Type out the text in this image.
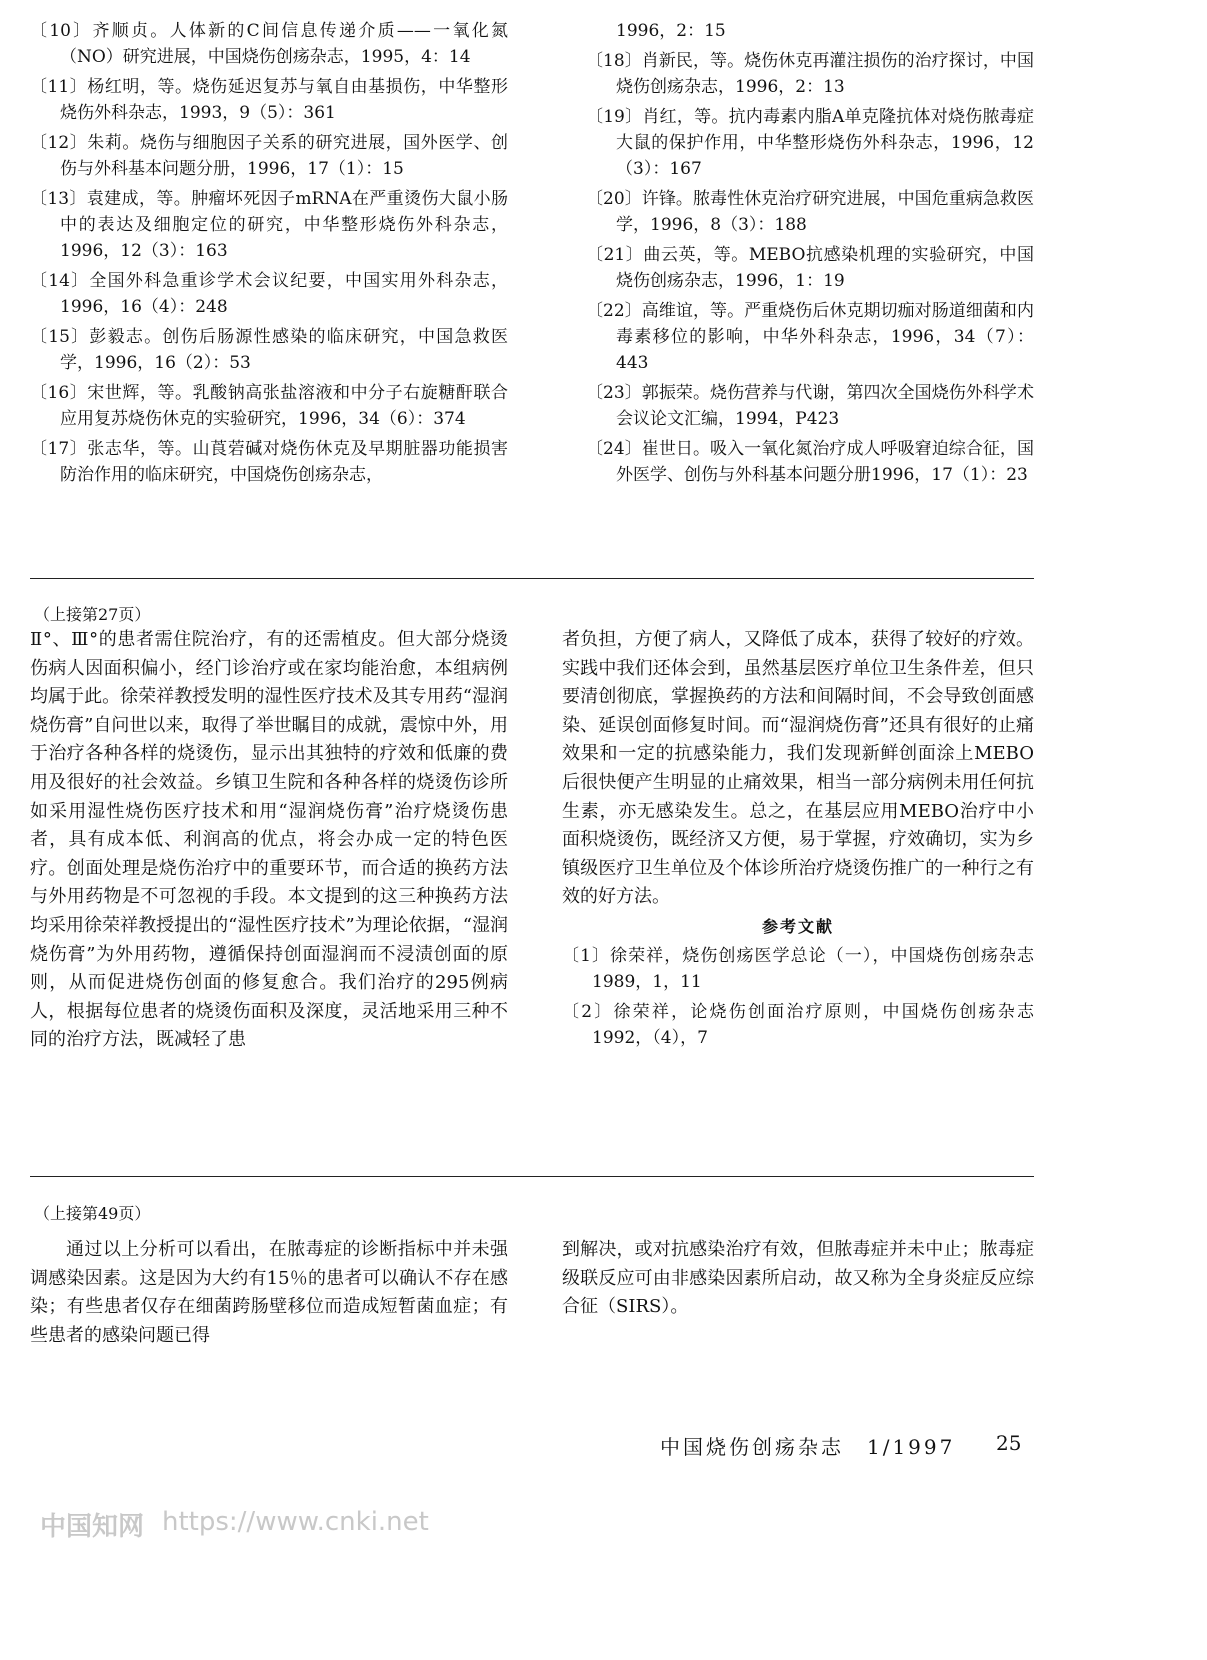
〔10〕齐顺贞。人体新的C间信息传递介质——一氧化氮（NO）研究进展，中国烧伤创疡杂志，1995，4：14

〔11〕杨红明，等。烧伤延迟复苏与氧自由基损伤，中华整形烧伤外科杂志，1993，9（5）：361

〔12〕朱莉。烧伤与细胞因子关系的研究进展，国外医学、创伤与外科基本问题分册，1996，17（1）：15

〔13〕袁建成，等。肿瘤坏死因子mRNA在严重烫伤大鼠小肠中的表达及细胞定位的研究，中华整形烧伤外科杂志，1996，12（3）：163

〔14〕全国外科急重诊学术会议纪要，中国实用外科杂志，1996，16（4）：248

〔15〕彭毅志。创伤后肠源性感染的临床研究，中国急救医学，1996，16（2）：53

〔16〕宋世辉，等。乳酸钠高张盐溶液和中分子右旋糖酐联合应用复苏烧伤休克的实验研究，1996，34（6）：374

〔17〕张志华，等。山莨菪碱对烧伤休克及早期脏器功能损害防治作用的临床研究，中国烧伤创疡杂志，

1996，2：15

〔18〕肖新民，等。烧伤休克再灌注损伤的治疗探讨，中国烧伤创疡杂志，1996，2：13

〔19〕肖红，等。抗内毒素内脂A单克隆抗体对烧伤脓毒症大鼠的保护作用，中华整形烧伤外科杂志，1996，12（3）：167

〔20〕许锋。脓毒性休克治疗研究进展，中国危重病急救医学，1996，8（3）：188

〔21〕曲云英，等。MEBO抗感染机理的实验研究，中国烧伤创疡杂志，1996，1：19

〔22〕高维谊，等。严重烧伤后休克期切痂对肠道细菌和内毒素移位的影响，中华外科杂志，1996，34（7）：443

〔23〕郭振荣。烧伤营养与代谢，第四次全国烧伤外科学术会议论文汇编，1994，P423

〔24〕崔世日。吸入一氧化氮治疗成人呼吸窘迫综合征，国外医学、创伤与外科基本问题分册1996，17（1）：23

（上接第27页）

Ⅱ°、Ⅲ°的患者需住院治疗，有的还需植皮。但大部分烧烫伤病人因面积偏小，经门诊治疗或在家均能治愈，本组病例均属于此。徐荣祥教授发明的湿性医疗技术及其专用药“湿润烧伤膏”自问世以来，取得了举世瞩目的成就，震惊中外，用于治疗各种各样的烧烫伤，显示出其独特的疗效和低廉的费用及很好的社会效益。乡镇卫生院和各种各样的烧烫伤诊所如采用湿性烧伤医疗技术和用“湿润烧伤膏”治疗烧烫伤患者，具有成本低、利润高的优点，将会办成一定的特色医疗。创面处理是烧伤治疗中的重要环节，而合适的换药方法与外用药物是不可忽视的手段。本文提到的这三种换药方法均采用徐荣祥教授提出的“湿性医疗技术”为理论依据，“湿润烧伤膏”为外用药物，遵循保持创面湿润而不浸渍创面的原则，从而促进烧伤创面的修复愈合。我们治疗的295例病人，根据每位患者的烧烫伤面积及深度，灵活地采用三种不同的治疗方法，既减轻了患

者负担，方便了病人，又降低了成本，获得了较好的疗效。实践中我们还体会到，虽然基层医疗单位卫生条件差，但只要清创彻底，掌握换药的方法和间隔时间，不会导致创面感染、延误创面修复时间。而“湿润烧伤膏”还具有很好的止痛效果和一定的抗感染能力，我们发现新鲜创面涂上MEBO后很快便产生明显的止痛效果，相当一部分病例未用任何抗生素，亦无感染发生。总之，在基层应用MEBO治疗中小面积烧烫伤，既经济又方便，易于掌握，疗效确切，实为乡镇级医疗卫生单位及个体诊所治疗烧烫伤推广的一种行之有效的好方法。

参考文献

〔1〕徐荣祥，烧伤创疡医学总论（一），中国烧伤创疡杂志1989，1，11

〔2〕徐荣祥，论烧伤创面治疗原则，中国烧伤创疡杂志1992，（4），7

（上接第49页）

通过以上分析可以看出，在脓毒症的诊断指标中并未强调感染因素。这是因为大约有15％的患者可以确认不存在感染；有些患者仅存在细菌跨肠壁移位而造成短暂菌血症；有些患者的感染问题已得

到解决，或对抗感染治疗有效，但脓毒症并未中止；脓毒症级联反应可由非感染因素所启动，故又称为全身炎症反应综合征（SIRS）。

中国烧伤创疡杂志　1/1997 25
中国知网 https://www.cnki.net
